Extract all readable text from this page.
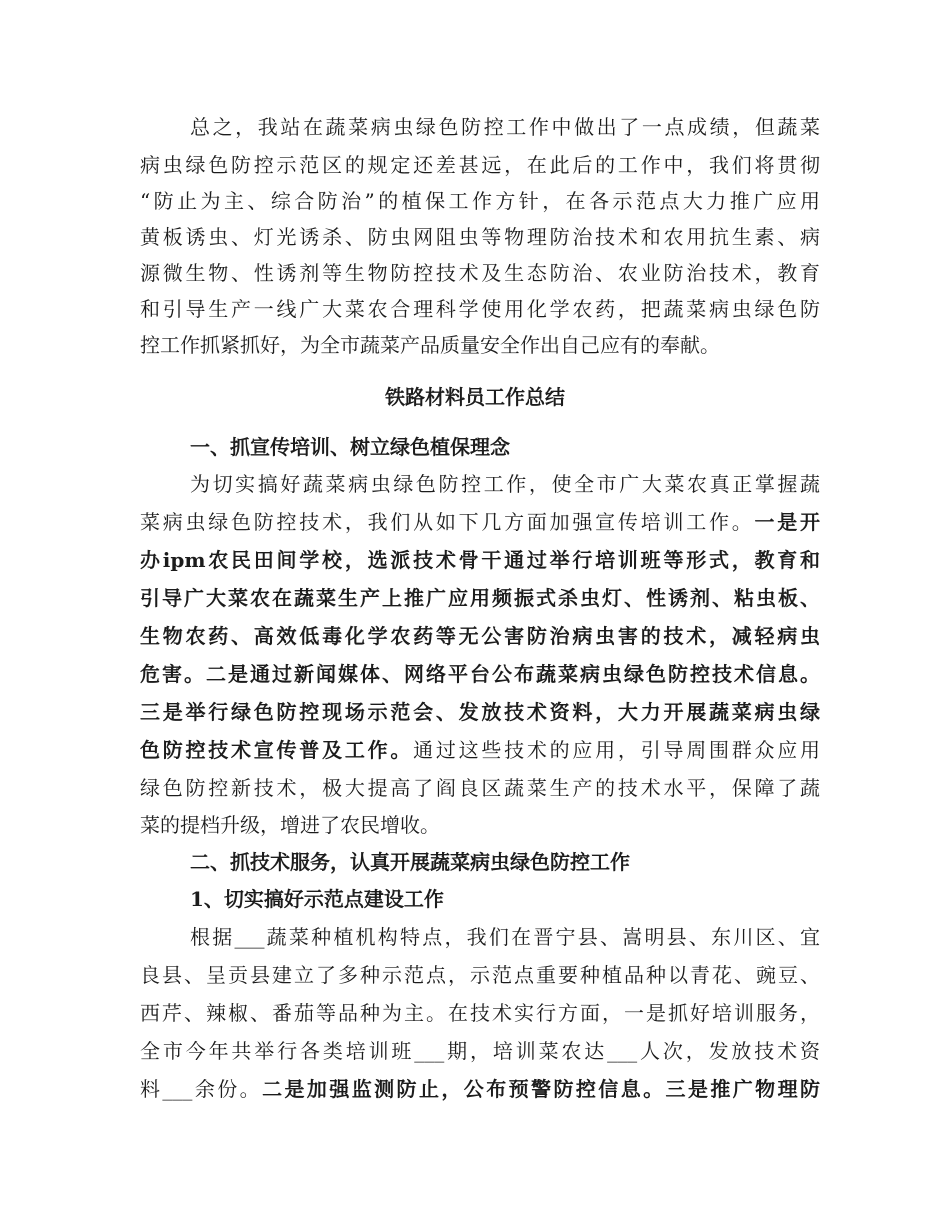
总之，我站在蔬菜病虫绿色防控工作中做出了一点成绩，但蔬菜
病虫绿色防控示范区的规定还差甚远，在此后的工作中，我们将贯彻
“防止为主、综合防治”的植保工作方针，在各示范点大力推广应用
黄板诱虫、灯光诱杀、防虫网阻虫等物理防治技术和农用抗生素、病
源微生物、性诱剂等生物防控技术及生态防治、农业防治技术，教育
和引导生产一线广大菜农合理科学使用化学农药，把蔬菜病虫绿色防
控工作抓紧抓好，为全市蔬菜产品质量安全作出自己应有的奉献。
铁路材料员工作总结
一、抓宣传培训、树立绿色植保理念
为切实搞好蔬菜病虫绿色防控工作，使全市广大菜农真正掌握蔬
菜病虫绿色防控技术，我们从如下几方面加强宣传培训工作。一是开
办ipm农民田间学校，选派技术骨干通过举行培训班等形式，教育和
引导广大菜农在蔬菜生产上推广应用频振式杀虫灯、性诱剂、粘虫板、
生物农药、高效低毒化学农药等无公害防治病虫害的技术，减轻病虫
危害。二是通过新闻媒体、网络平台公布蔬菜病虫绿色防控技术信息。
三是举行绿色防控现场示范会、发放技术资料，大力开展蔬菜病虫绿
色防控技术宣传普及工作。通过这些技术的应用，引导周围群众应用
绿色防控新技术，极大提高了阎良区蔬菜生产的技术水平，保障了蔬
菜的提档升级，增进了农民增收。
二、抓技术服务，认真开展蔬菜病虫绿色防控工作
1、切实搞好示范点建设工作
根据___蔬菜种植机构特点，我们在晋宁县、嵩明县、东川区、宜
良县、呈贡县建立了多种示范点，示范点重要种植品种以青花、豌豆、
西芹、辣椒、番茄等品种为主。在技术实行方面，一是抓好培训服务，
全市今年共举行各类培训班___期，培训菜农达___人次，发放技术资
料___余份。二是加强监测防止，公布预警防控信息。三是推广物理防
